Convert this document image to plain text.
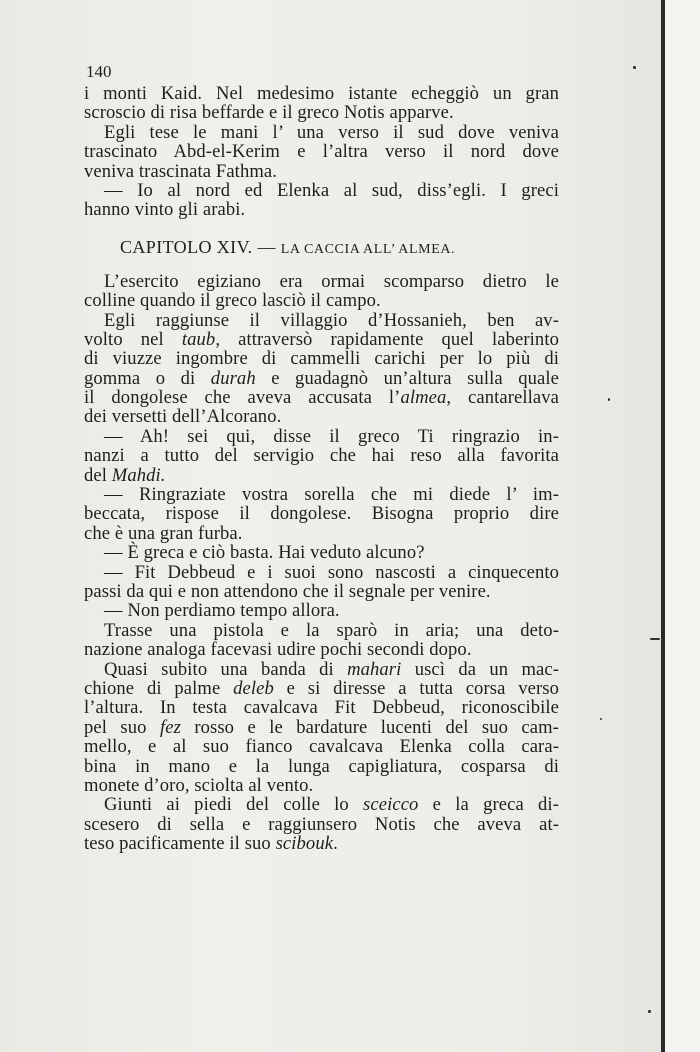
140
i monti Kaid. Nel medesimo istante echeggiò un gran
scroscio di risa beffarde e il greco Notis apparve.
Egli tese le mani l’ una verso il sud dove veniva
trascinato Abd-el-Kerim e l’altra verso il nord dove
veniva trascinata Fathma.
— Io al nord ed Elenka al sud, diss’egli. I greci
hanno vinto gli arabi.
CAPITOLO XIV. — LA CACCIA ALL’ ALMEA.
L’esercito egiziano era ormai scomparso dietro le
colline quando il greco lasciò il campo.
Egli raggiunse il villaggio d’Hossanieh, ben av-
volto nel taub, attraversò rapidamente quel laberinto
di viuzze ingombre di cammelli carichi per lo più di
gomma o di durah e guadagnò un’altura sulla quale
il dongolese che aveva accusata l’almea, cantarellava
dei versetti dell’Alcorano.
— Ah! sei qui, disse il greco Ti ringrazio in-
nanzi a tutto del servigio che hai reso alla favorita
del Mahdi.
— Ringraziate vostra sorella che mi diede l’ im-
beccata, rispose il dongolese. Bisogna proprio dire
che è una gran furba.
— È greca e ciò basta. Hai veduto alcuno?
— Fit Debbeud e i suoi sono nascosti a cinquecento
passi da qui e non attendono che il segnale per venire.
— Non perdiamo tempo allora.
Trasse una pistola e la sparò in aria; una deto-
nazione analoga facevasi udire pochi secondi dopo.
Quasi subito una banda di mahari uscì da un mac-
chione di palme deleb e si diresse a tutta corsa verso
l’altura. In testa cavalcava Fit Debbeud, riconoscibile
pel suo fez rosso e le bardature lucenti del suo cam-
mello, e al suo fianco cavalcava Elenka colla cara-
bina in mano e la lunga capigliatura, cosparsa di
monete d’oro, sciolta al vento.
Giunti ai piedi del colle lo sceicco e la greca di-
scesero di sella e raggiunsero Notis che aveva at-
teso pacificamente il suo scibouk.
